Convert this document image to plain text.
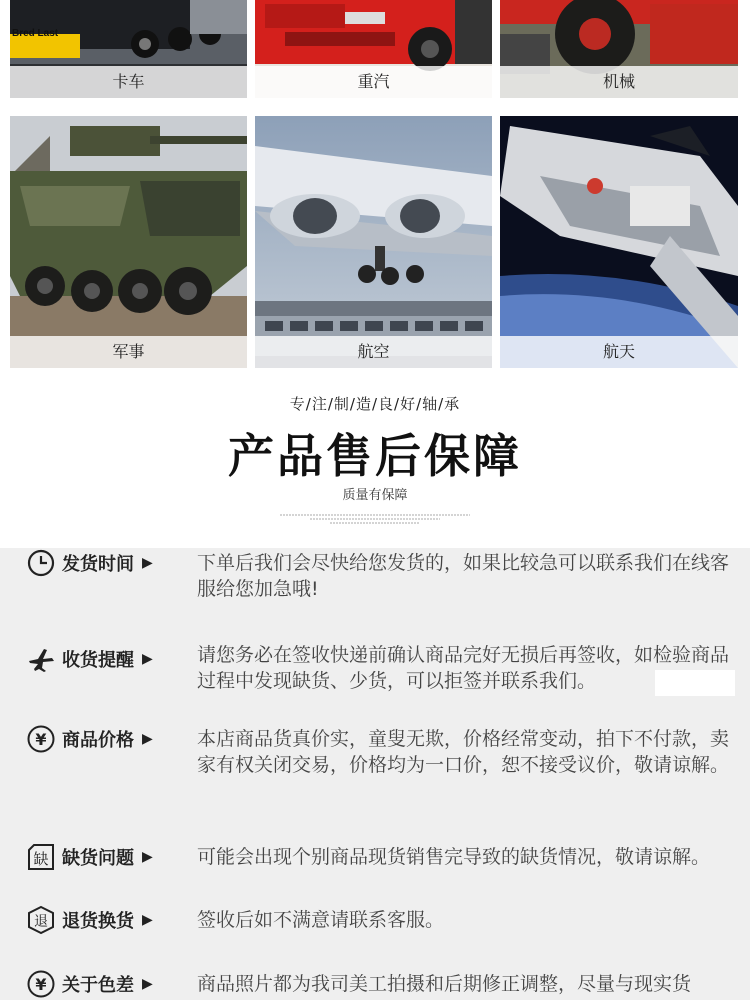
Bred Last
卡车	重汽	机械
军事	航空	航天
专/注/制/造/良/好/轴/承
产品售后保障
质量有保障
发货时间 ▶ 下单后我们会尽快给您发货的，如果比较急可以联系我们在线客服给您加急哦!
收货提醒 ▶ 请您务必在签收快递前确认商品完好无损后再签收，如检验商品过程中发现缺货、少货，可以拒签并联系我们。
¥ 商品价格 ▶ 本店商品货真价实，童叟无欺，价格经常变动，拍下不付款，卖家有权关闭交易，价格均为一口价，恕不接受议价，敬请谅解。
缺 缺货问题 ▶ 可能会出现个别商品现货销售完导致的缺货情况，敬请谅解。
退 退货换货 ▶ 签收后如不满意请联系客服。
¥ 关于色差 ▶ 商品照片都为我司美工拍摄和后期修正调整，尽量与现实货
